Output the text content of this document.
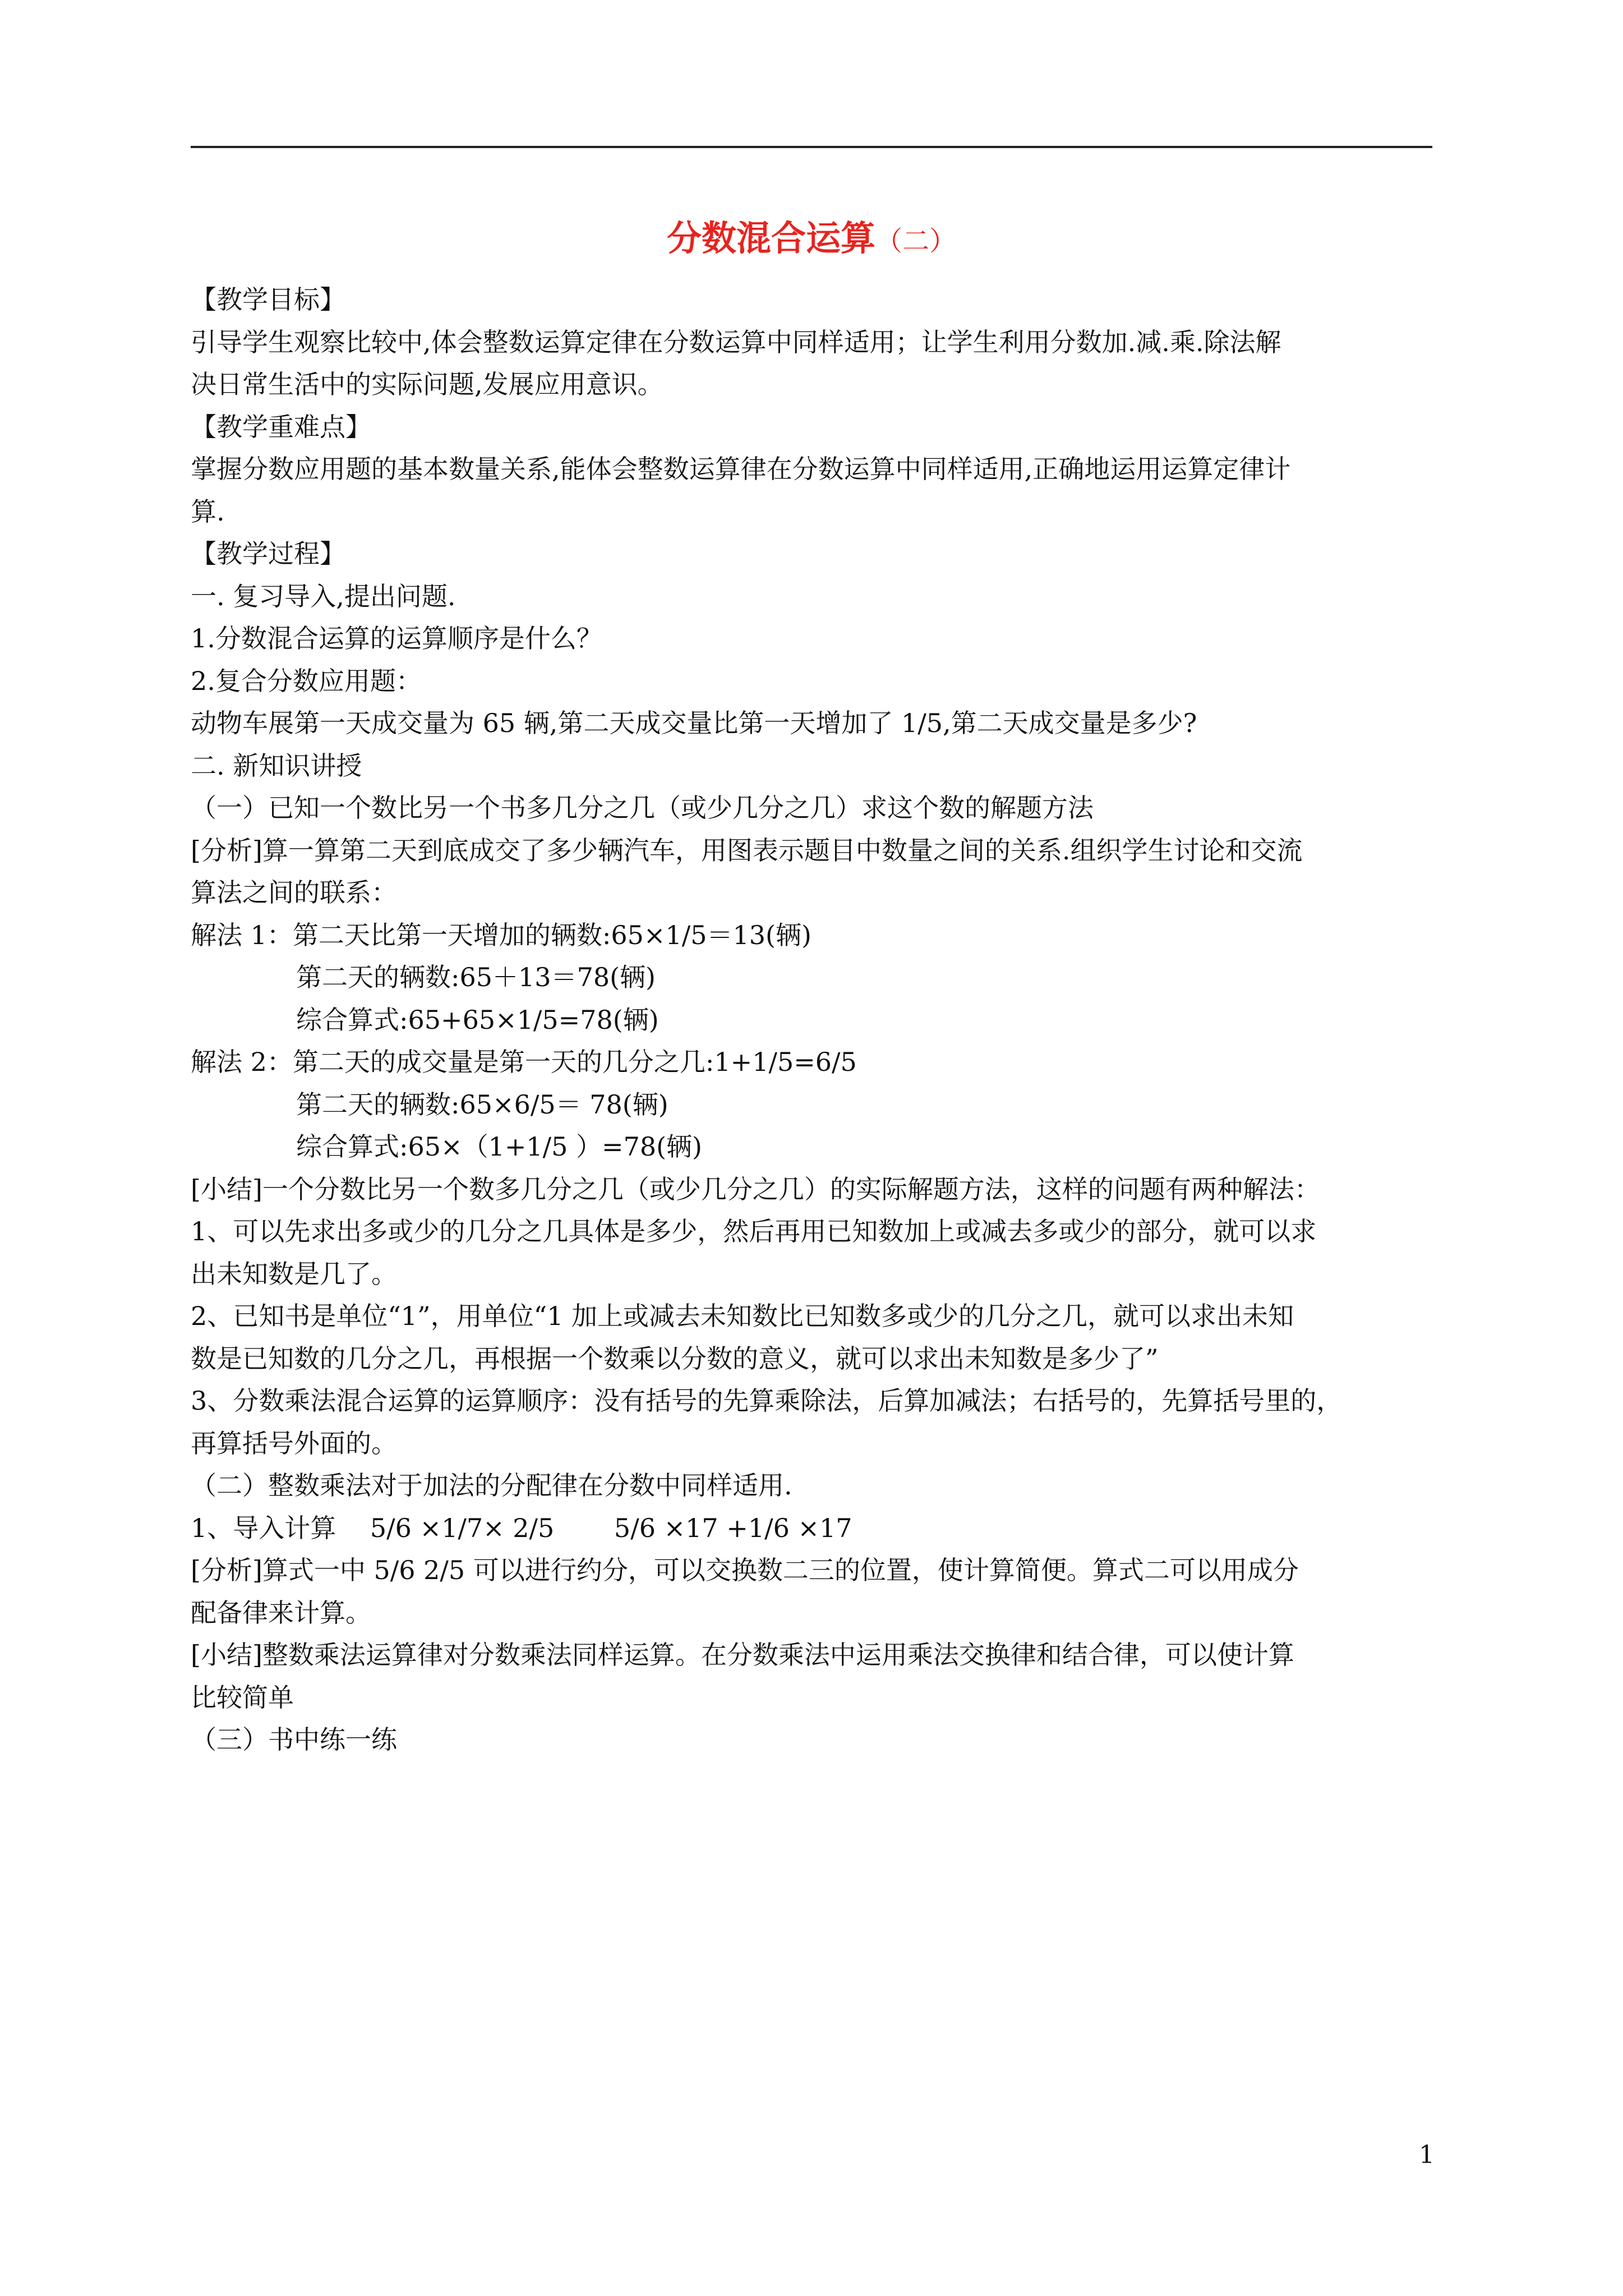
分数混合运算（二）
【教学目标】
引导学生观察比较中,体会整数运算定律在分数运算中同样适用；让学生利用分数加.减.乘.除法解
决日常生活中的实际问题,发展应用意识。
【教学重难点】
掌握分数应用题的基本数量关系,能体会整数运算律在分数运算中同样适用,正确地运用运算定律计
算.
【教学过程】
一. 复习导入,提出问题.
1.分数混合运算的运算顺序是什么？
2.复合分数应用题：
动物车展第一天成交量为 65 辆,第二天成交量比第一天增加了 1/5,第二天成交量是多少?
二. 新知识讲授
（一）已知一个数比另一个书多几分之几（或少几分之几）求这个数的解题方法
[分析]算一算第二天到底成交了多少辆汽车，用图表示题目中数量之间的关系.组织学生讨论和交流
算法之间的联系：
解法 1：第二天比第一天增加的辆数:65×1/5＝13(辆)
第二天的辆数:65＋13＝78(辆)
综合算式:65+65×1/5=78(辆)
解法 2：第二天的成交量是第一天的几分之几:1+1/5=6/5
第二天的辆数:65×6/5＝ 78(辆)
综合算式:65×（1+1/5 ）=78(辆)
[小结]一个分数比另一个数多几分之几（或少几分之几）的实际解题方法，这样的问题有两种解法：
1、可以先求出多或少的几分之几具体是多少，然后再用已知数加上或减去多或少的部分，就可以求
出未知数是几了。
2、已知书是单位“1”，用单位“1 加上或减去未知数比已知数多或少的几分之几，就可以求出未知
数是已知数的几分之几，再根据一个数乘以分数的意义，就可以求出未知数是多少了”
3、分数乘法混合运算的运算顺序：没有括号的先算乘除法，后算加减法；右括号的，先算括号里的，
再算括号外面的。
（二）整数乘法对于加法的分配律在分数中同样适用.
1、导入计算　 5/6 ×1/7× 2/5 　　5/6 ×17 +1/6 ×17
[分析]算式一中 5/6 2/5 可以进行约分，可以交换数二三的位置，使计算简便。算式二可以用成分
配备律来计算。
[小结]整数乘法运算律对分数乘法同样运算。在分数乘法中运用乘法交换律和结合律，可以使计算
比较简单
（三）书中练一练
1
